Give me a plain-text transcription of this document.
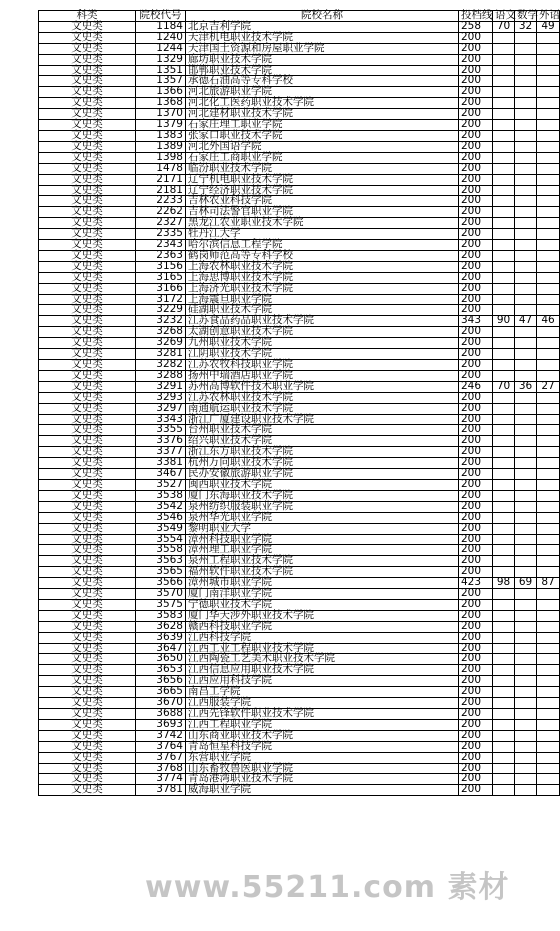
科类	院校代号	院校名称	投档线	语文	数学	外语
文史类	1184	北京吉利学院	258	70	32	49
文史类	1240	天津机电职业技术学院	200			
文史类	1244	天津国土资源和房屋职业学院	200			
文史类	1329	廊坊职业技术学院	200			
文史类	1351	邯郸职业技术学院	200			
文史类	1357	承德石油高等专科学校	200			
文史类	1366	河北旅游职业学院	200			
文史类	1368	河北化工医药职业技术学院	200			
文史类	1370	河北建材职业技术学院	200			
文史类	1379	石家庄理工职业学院	200			
文史类	1383	张家口职业技术学院	200			
文史类	1389	河北外国语学院	200			
文史类	1398	石家庄工商职业学院	200			
文史类	1478	临汾职业技术学院	200			
文史类	2171	辽宁机电职业技术学院	200			
文史类	2181	辽宁经济职业技术学院	200			
文史类	2233	吉林农业科技学院	200			
文史类	2262	吉林司法警官职业学院	200			
文史类	2327	黑龙江农业职业技术学院	200			
文史类	2335	牡丹江大学	200			
文史类	2343	哈尔滨信息工程学院	200			
文史类	2363	鹤岗师范高等专科学校	200			
文史类	3156	上海农林职业技术学院	200			
文史类	3165	上海思博职业技术学院	200			
文史类	3166	上海济光职业技术学院	200			
文史类	3172	上海震旦职业学院	200			
文史类	3229	硅湖职业技术学院	200			
文史类	3232	江苏食品药品职业技术学院	343	90	47	46
文史类	3268	太湖创意职业技术学院	200			
文史类	3269	九州职业技术学院	200			
文史类	3281	江阴职业技术学院	200			
文史类	3282	江苏农牧科技职业学院	200			
文史类	3288	扬州中瑞酒店职业学院	200			
文史类	3291	苏州高博软件技术职业学院	246	70	36	27
文史类	3293	江苏农林职业技术学院	200			
文史类	3297	南通航运职业技术学院	200			
文史类	3343	浙江广厦建设职业技术学院	200			
文史类	3355	台州职业技术学院	200			
文史类	3376	绍兴职业技术学院	200			
文史类	3377	浙江东方职业技术学院	200			
文史类	3381	杭州万向职业技术学院	200			
文史类	3467	民办安徽旅游职业学院	200			
文史类	3527	闽西职业技术学院	200			
文史类	3538	厦门东海职业技术学院	200			
文史类	3542	泉州纺织服装职业学院	200			
文史类	3546	泉州华光职业学院	200			
文史类	3549	黎明职业大学	200			
文史类	3554	漳州科技职业学院	200			
文史类	3558	漳州理工职业学院	200			
文史类	3563	泉州工程职业技术学院	200			
文史类	3565	福州软件职业技术学院	200			
文史类	3566	漳州城市职业学院	423	98	69	87
文史类	3570	厦门南洋职业学院	200			
文史类	3575	宁德职业技术学院	200			
文史类	3583	厦门华天涉外职业技术学院	200			
文史类	3628	赣西科技职业学院	200			
文史类	3639	江西科技学院	200			
文史类	3647	江西工业工程职业技术学院	200			
文史类	3650	江西陶瓷工艺美术职业技术学院	200			
文史类	3653	江西信息应用职业技术学院	200			
文史类	3656	江西应用科技学院	200			
文史类	3665	南昌工学院	200			
文史类	3670	江西服装学院	200			
文史类	3688	江西先锋软件职业技术学院	200			
文史类	3693	江西工程职业学院	200			
文史类	3742	山东商业职业技术学院	200			
文史类	3764	青岛恒星科技学院	200			
文史类	3767	东营职业学院	200			
文史类	3768	山东畜牧兽医职业学院	200			
文史类	3774	青岛港湾职业技术学院	200			
文史类	3781	威海职业学院	200			
www.55211.com 素材
